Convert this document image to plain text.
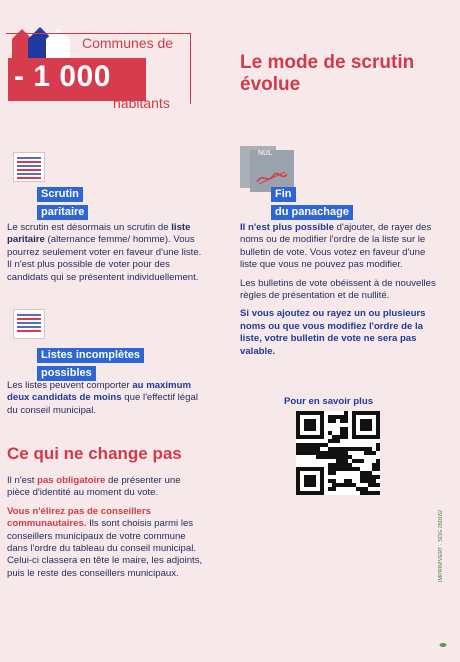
Communes de
- 1 000
habitants
Le mode de scrutin évolue
Scrutin
paritaire
Le scrutin est désormais un scrutin de liste paritaire (alternance femme/ homme). Vous pourrez seulement voter en faveur d'une liste. Il n'est plus possible de voter pour des candidats qui se présentent individuellement.
Listes incomplètes
possibles
Les listes peuvent comporter au maximum deux candidats de moins que l'effectif légal du conseil municipal.
Ce qui ne change pas

Il n'est pas obligatoire de présenter une pièce d'identité au moment du vote.

Vous n'élirez pas de conseillers communautaires. Ils sont choisis parmi les conseillers municipaux de votre commune dans l'ordre du tableau du conseil municipal. Celui-ci classera en tête le maire, les adjoints, puis le reste des conseillers municipaux.

NUL
Fin
du panachage

Il n'est plus possible d'ajouter, de rayer des noms ou de modifier l'ordre de la liste sur le bulletin de vote. Vous votez en faveur d'une liste que vous ne pouvez pas modifier.

Les bulletins de vote obéissent à de nouvelles règles de présentation et de nullité.

Si vous ajoutez ou rayez un ou plusieurs noms ou que vous modifiez l'ordre de la liste, votre bulletin de vote ne sera pas valable.

Pour en savoir plus
IMPRIM'VERT · SDG 260162
